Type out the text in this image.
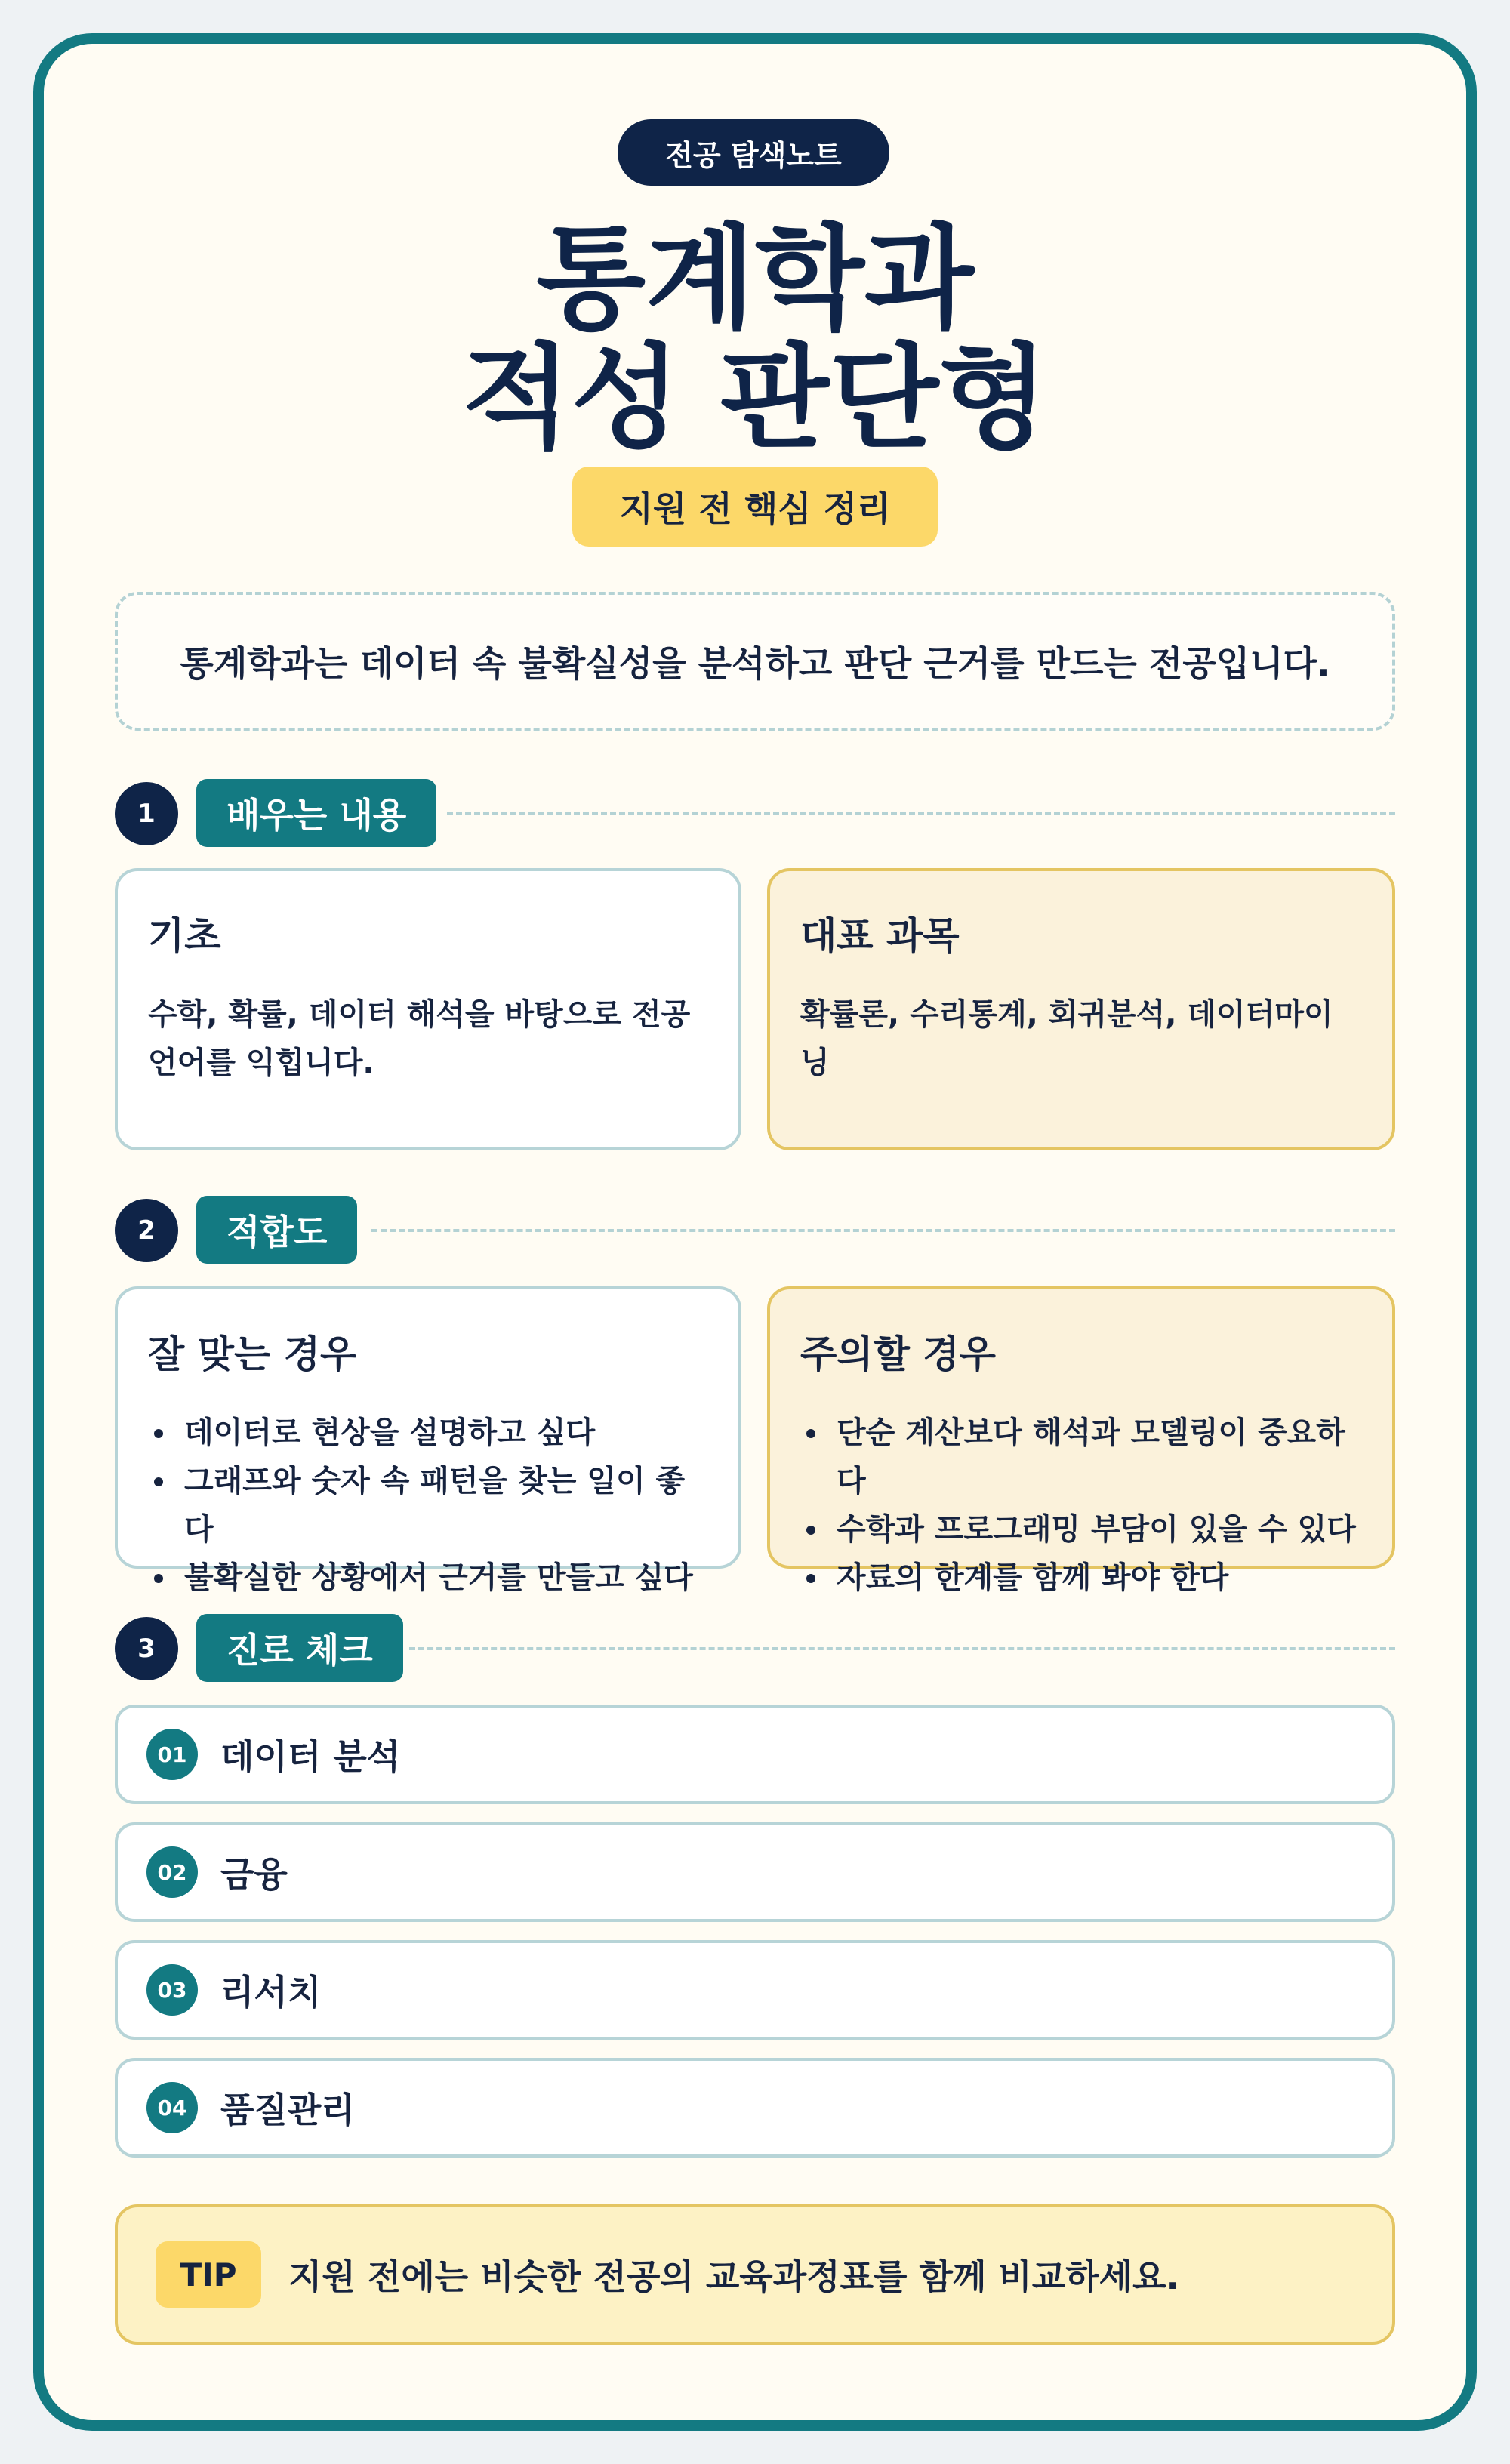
전공 탐색노트
통계학과
적성 판단형
지원 전 핵심 정리
통계학과는 데이터 속 불확실성을 분석하고 판단 근거를 만드는 전공입니다.
1	배우는 내용
기초

수학, 확률, 데이터 해석을 바탕으로 전공 언어를 익힙니다.

대표 과목

확률론, 수리통계, 회귀분석, 데이터마이닝

2	적합도
잘 맞는 경우
데이터로 현상을 설명하고 싶다
그래프와 숫자 속 패턴을 찾는 일이 좋다
불확실한 상황에서 근거를 만들고 싶다
주의할 경우
단순 계산보다 해석과 모델링이 중요하다
수학과 프로그래밍 부담이 있을 수 있다
자료의 한계를 함께 봐야 한다
3	진로 체크
01 데이터 분석
02 금융
03 리서치
04 품질관리
TIP	지원 전에는 비슷한 전공의 교육과정표를 함께 비교하세요.
